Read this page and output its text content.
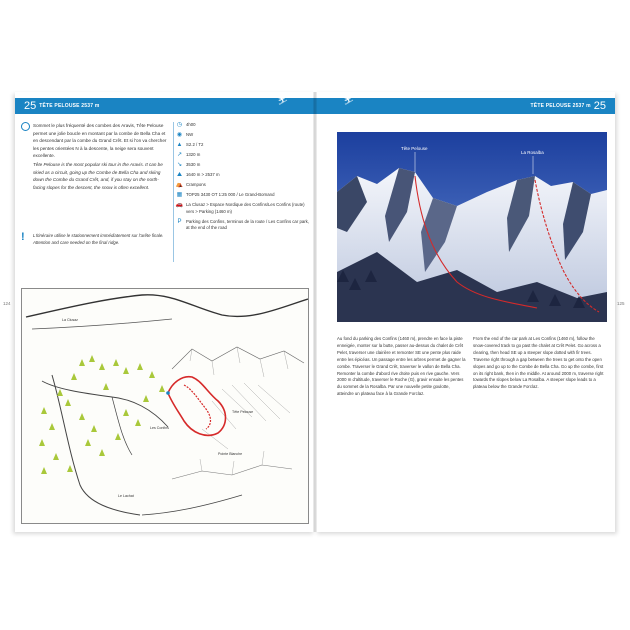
25 TÊTE PELOUSE 2537 m
⛷

Sommet le plus fréquenté des combes des Aravis, Tête Pelouse permet une jolie boucle en montant par la combe de Bella Cha et en descendant par la combe du Grand Crêt. Et si l'on va chercher les pentes orientées N à la descente, la neige sera souvent excellente.

Tête Pelouse is the most popular ski tour in the Aravis. It can be skied as a circuit, going up the Combe de Bella Cha and skiing down the Combe du Grand Crêt, and, if you stay on the north-facing slopes for the descent, the snow is often excellent.

!	L'itinéraire utilise le stationnement immédiatement sur l'arête finale.

Attention and care needed on the final ridge.

◷ 4h00
◉ NW
▲ S2.2 / T2
↗ 1320 m
↘ 3530 m
⛰ 1640 m > 2537 m
⛺ Crampons
▦ TOP25 3430 OT 1:25 000 / Le Grand-Bornand
🚗 La Clusaz > Espace Nordique des Confins/Les Confins (route) vers > Parking (1460 m)
P	Parking des Confins, terminus de la route / Les Confins car park, at the end of the road
La Clusaz
Les Confins
Tête Pelouse
Pointe Blanche
Le Lachat
TÊTE PELOUSE 2537 m 25
⛷
Tête Pelouse
La Rosalba
Au fond du parking des Confins (1460 m), prendre en face la piste enneigée, monter sur la butte, passer au-dessus du chalet de Crêt Pelet, traverser une clairière et remonter SE une pente plus raide entre les épicéas. Un passage entre les arbres permet de gagner la combe. Traverser le Grand Crêt, traverser le vallon de Bella Cha. Remonter la combe d'abord rive droite puis en rive gauche. Vers 2000 m d'altitude, traverser le Roche (G), gravir ensuite les pentes du sommet de la Rosalba. Par une nouvelle petite goulotte, atteindre un plateau face à la Grande Forclaz.
From the end of the car park at Les Confins (1460 m), follow the snow-covered track to go past the chalet at Crêt Pelet. Go across a clearing, then head SE up a steeper slope dotted with fir trees. Traverse right through a gap between the trees to get onto the open slopes and go up to the Combe de Bella Cha. Go up the combe, first on its right bank, then in the middle. At around 2000 m, traverse right towards the slopes below La Rosalba. A steeper slope leads to a plateau below the Grande Forclaz.
124	125
